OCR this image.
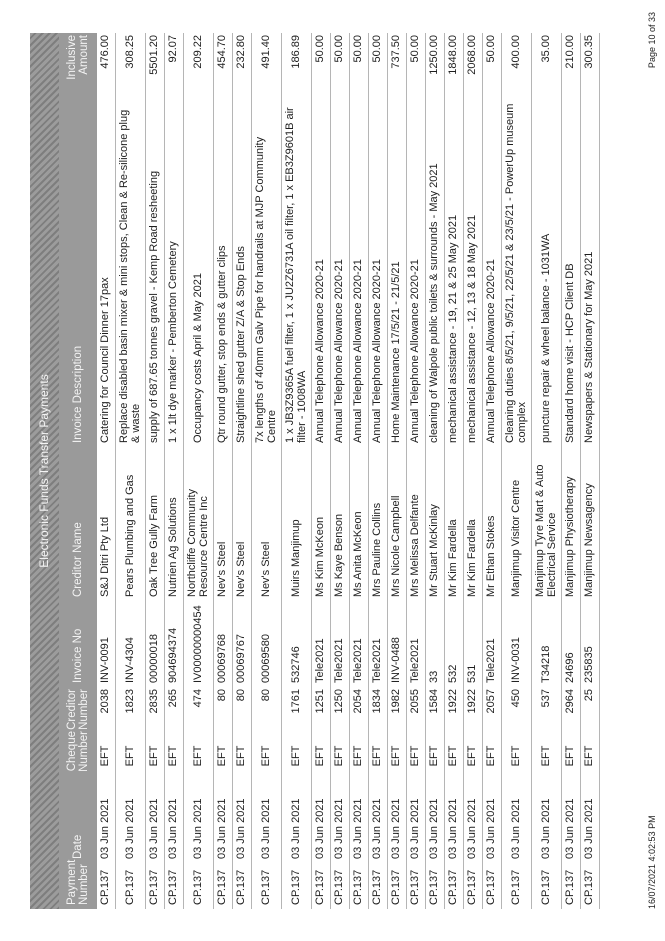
Electronic Funds Transfer Payments
Payment Number
Date
Cheque Number
Creditor Number
Invoice No
Creditor Name
Invoice Description
Inclusive Amount
CP.137
03 Jun 2021
EFT
2038
INV-0091
S&J Ditri Pty Ltd
Catering for Council Dinner 17pax
476.00
CP.137
03 Jun 2021
EFT
1823
INV-4304
Pears Plumbing and Gas
Replace disabled basin mixer & mini stops, Clean & Re-silicone plug & waste
308.25
CP.137
03 Jun 2021
EFT
2835
00000018
Oak Tree Gully Farm
supply of 687.65 tonnes gravel - Kemp Road resheeting
5501.20
CP.137
03 Jun 2021
EFT
265
904694374
Nutrien Ag Solutions
1 x 1lt dye marker - Pemberton Cemetery
92.07
CP.137
03 Jun 2021
EFT
474
IV00000000454
Northcliffe Community Resource Centre Inc
Occupancy costs April & May 2021
209.22
CP.137
03 Jun 2021
EFT
80
00069768
Nev's Steel
Qtr round gutter, stop ends & gutter clips
454.70
CP.137
03 Jun 2021
EFT
80
00069767
Nev's Steel
Straightline shed gutter Z/A & Stop Ends
232.80
CP.137
03 Jun 2021
EFT
80
00069580
Nev's Steel
7x lengths of 40mm Galv Pipe for handrails at MJP Community Centre
491.40
CP.137
03 Jun 2021
EFT
1761
532746
Muirs Manjimup
1 x JB3Z9365A fuel filter, 1 x JU2Z6731A oil filter, 1 x EB3Z9601B air filter - 1008WA
186.89
CP.137
03 Jun 2021
EFT
1251
Tele2021
Ms Kim McKeon
Annual Telephone Allowance 2020-21
50.00
CP.137
03 Jun 2021
EFT
1250
Tele2021
Ms Kaye Benson
Annual Telephone Allowance 2020-21
50.00
CP.137
03 Jun 2021
EFT
2054
Tele2021
Ms Anita McKeon
Annual Telephone Allowance 2020-21
50.00
CP.137
03 Jun 2021
EFT
1834
Tele2021
Mrs Pauline Collins
Annual Telephone Allowance 2020-21
50.00
CP.137
03 Jun 2021
EFT
1982
INV-0488
Mrs Nicole Campbell
Home Maintenance 17/5/21 - 21/5/21
737.50
CP.137
03 Jun 2021
EFT
2055
Tele2021
Mrs Melissa Delfante
Annual Telephone Allowance 2020-21
50.00
CP.137
03 Jun 2021
EFT
1584
33
Mr Stuart McKinlay
cleaning of Walpole public toilets & surrounds - May 2021
1250.00
CP.137
03 Jun 2021
EFT
1922
532
Mr Kim Fardella
mechanical assistance - 19, 21 & 25 May 2021
1848.00
CP.137
03 Jun 2021
EFT
1922
531
Mr Kim Fardella
mechanical assistance - 12, 13 & 18 May 2021
2068.00
CP.137
03 Jun 2021
EFT
2057
Tele2021
Mr Ethan Stokes
Annual Telephone Allowance 2020-21
50.00
CP.137
03 Jun 2021
EFT
450
INV-0031
Manjimup Visitor Centre
Cleaning duties 8/5/21, 9/5/21, 22/5/21 & 23/5/21 - PowerUp museum complex
400.00
CP.137
03 Jun 2021
EFT
537
T34218
Manjimup Tyre Mart & Auto Electrical Service
puncture repair & wheel balance - 1031WA
35.00
CP.137
03 Jun 2021
EFT
2964
24696
Manjimup Physiotherapy
Standard home visit - HCP Client DB
210.00
CP.137
03 Jun 2021
EFT
25
235835
Manjimup Newsagency
Newspapers & Stationary for May 2021
300.35
16/07/2021 4:02:53 PM
Page 10 of 33
